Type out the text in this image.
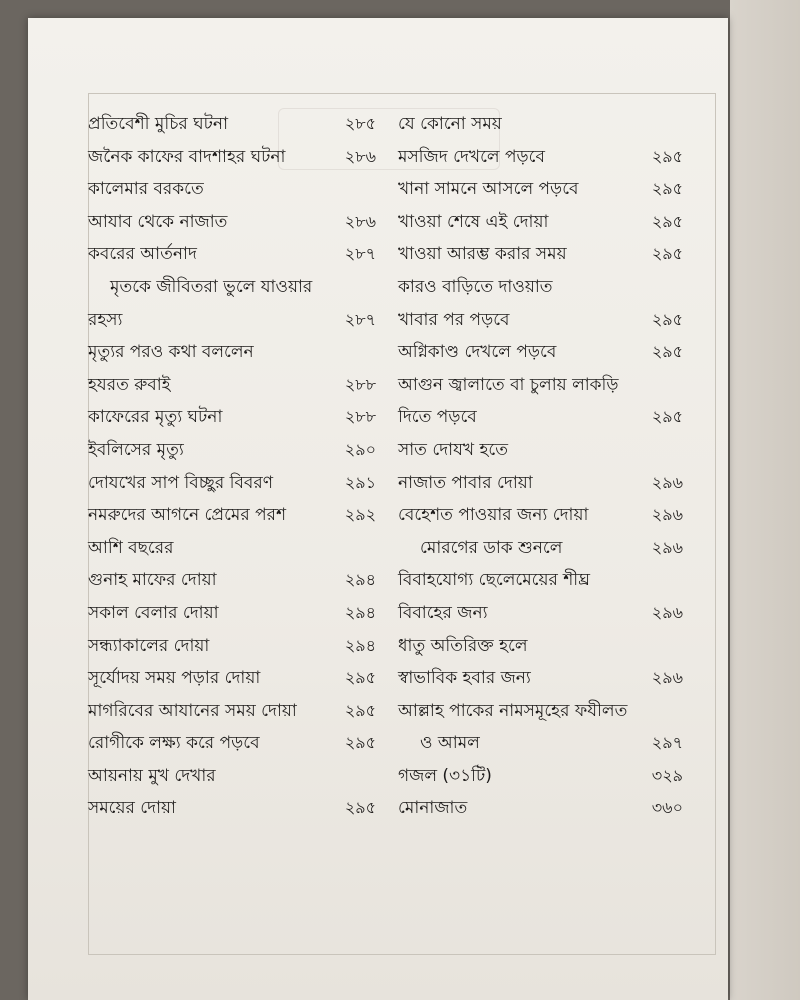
প্রতিবেশী মুচির ঘটনা	২৮৫
জনৈক কাফের বাদশাহর ঘটনা	২৮৬
কালেমার বরকতে
আযাব থেকে নাজাত	২৮৬
কবরের আর্তনাদ	২৮৭
মৃতকে জীবিতরা ভুলে যাওয়ার
রহস্য	২৮৭
মৃত্যুর পরও কথা বললেন
হযরত রুবাই	২৮৮
কাফেরের মৃত্যু ঘটনা	২৮৮
ইবলিসের মৃত্যু	২৯০
দোযখের সাপ বিচ্ছুর বিবরণ	২৯১
নমরুদের আগনে প্রেমের পরশ	২৯২
আশি বছরের
গুনাহ মাফের দোয়া	২৯৪
সকাল বেলার দোয়া	২৯৪
সন্ধ্যাকালের দোয়া	২৯৪
সূর্যোদয় সময় পড়ার দোয়া	২৯৫
মাগরিবের আযানের সময় দোয়া	২৯৫
রোগীকে লক্ষ্য করে পড়বে	২৯৫
আয়নায় মুখ দেখার
সময়ের দোয়া	২৯৫
যে কোনো সময়
মসজিদ দেখলে পড়বে	২৯৫
খানা সামনে আসলে পড়বে	২৯৫
খাওয়া শেষে এই দোয়া	২৯৫
খাওয়া আরম্ভ করার সময়	২৯৫
কারও বাড়িতে দাওয়াত
খাবার পর পড়বে	২৯৫
অগ্নিকাণ্ড দেখলে পড়বে	২৯৫
আগুন জ্বালাতে বা চুলায় লাকড়ি
দিতে পড়বে	২৯৫
সাত দোযখ হতে
নাজাত পাবার দোয়া	২৯৬
বেহেশত পাওয়ার জন্য দোয়া	২৯৬
মোরগের ডাক শুনলে	২৯৬
বিবাহযোগ্য ছেলেমেয়ের শীঘ্র
বিবাহের জন্য	২৯৬
ধাতু অতিরিক্ত হলে
স্বাভাবিক হবার জন্য	২৯৬
আল্লাহ পাকের নামসমূহের ফযীলত
ও আমল	২৯৭
গজল (৩১টি)	৩২৯
মোনাজাত	৩৬০
